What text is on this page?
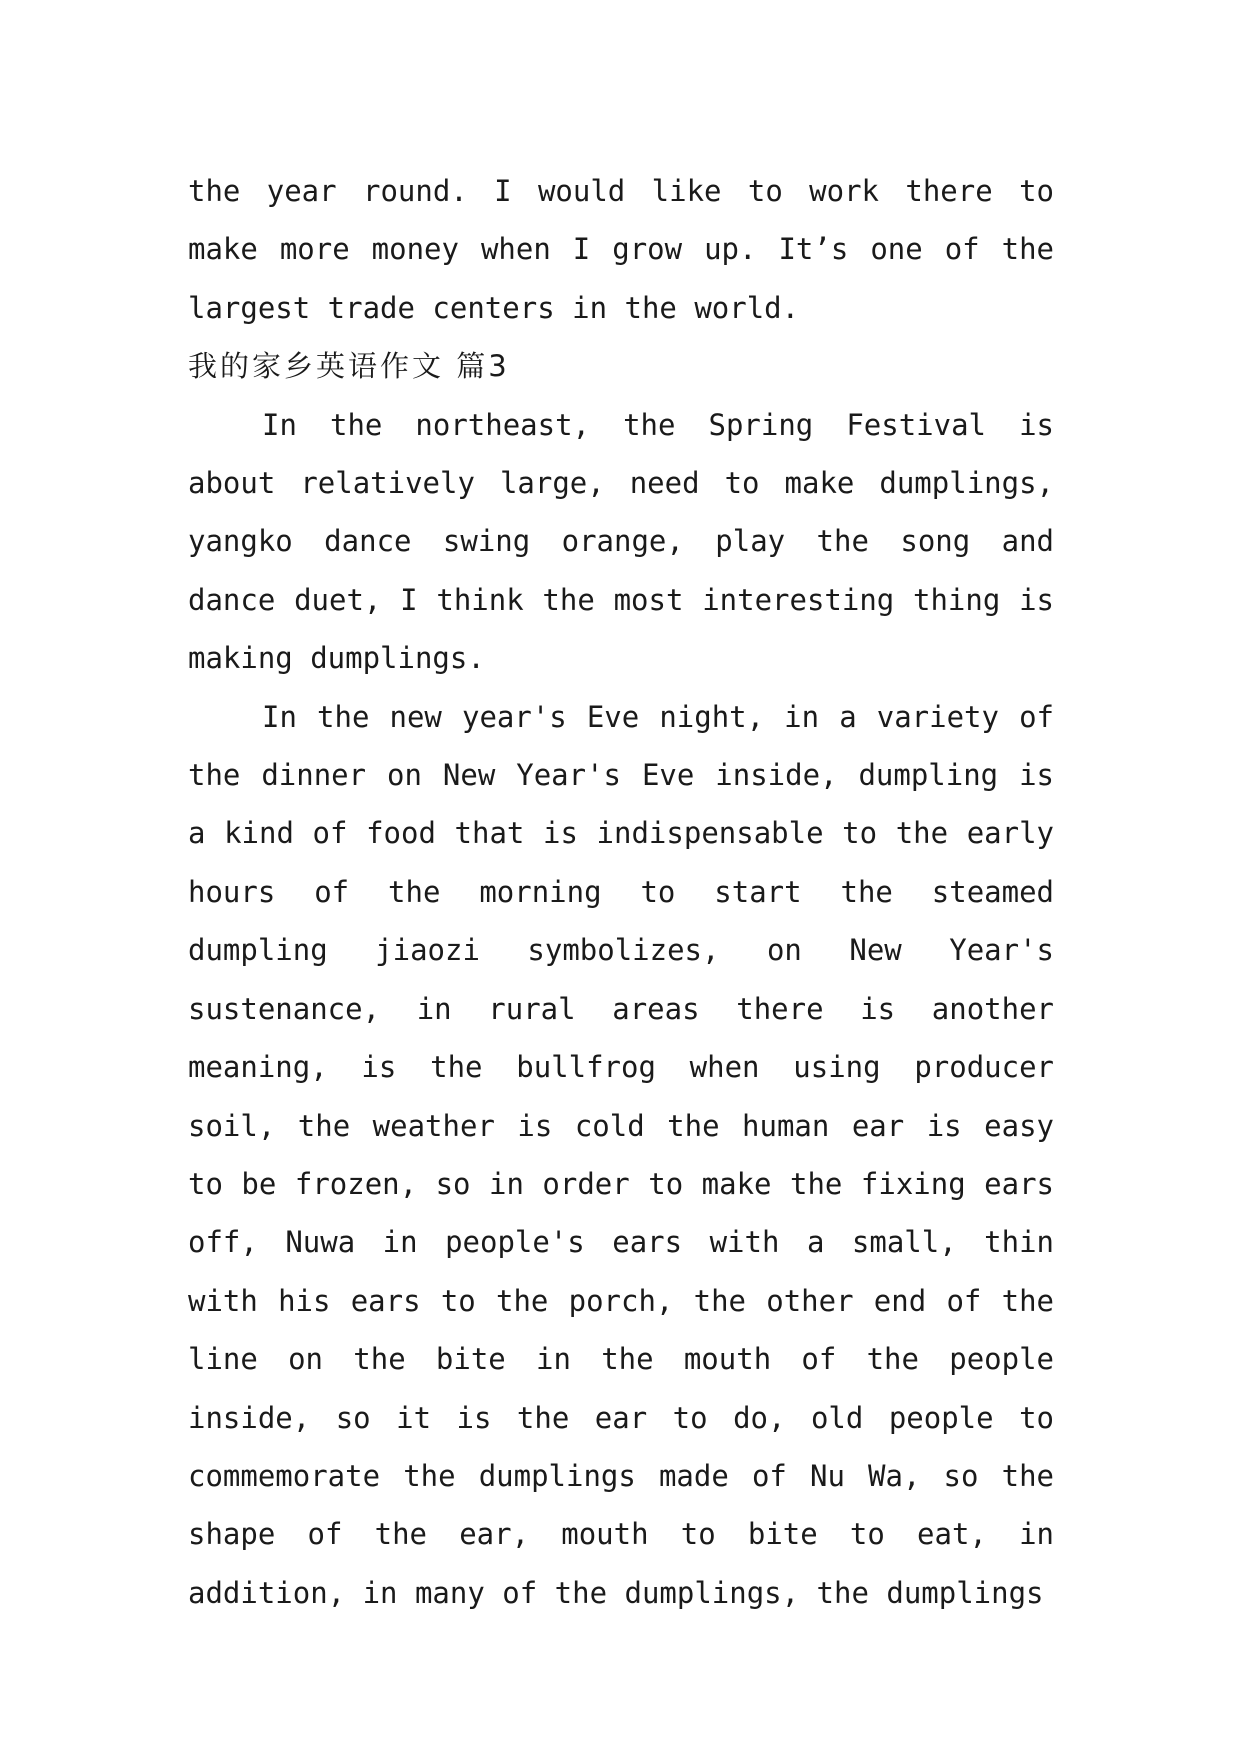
the year round. I would like to work there to make more money when I grow up. It’s one of the largest trade centers in the world.

我的家乡英语作文 篇3

In the northeast, the Spring Festival is about relatively large, need to make dumplings, yangko dance swing orange, play the song and dance duet, I think the most interesting thing is making dumplings.

In the new year's Eve night, in a variety of the dinner on New Year's Eve inside, dumpling is a kind of food that is indispensable to the early hours of the morning to start the steamed dumpling jiaozi symbolizes, on New Year's sustenance, in rural areas there is another meaning, is the bullfrog when using producer soil, the weather is cold the human ear is easy to be frozen, so in order to make the fixing ears off, Nuwa in people's ears with a small, thin with his ears to the porch, the other end of the line on the bite in the mouth of the people inside, so it is the ear to do, old people to commemorate the dumplings made of Nu Wa, so the shape of the ear, mouth to bite to eat, in addition, in many of the dumplings, the dumplings
